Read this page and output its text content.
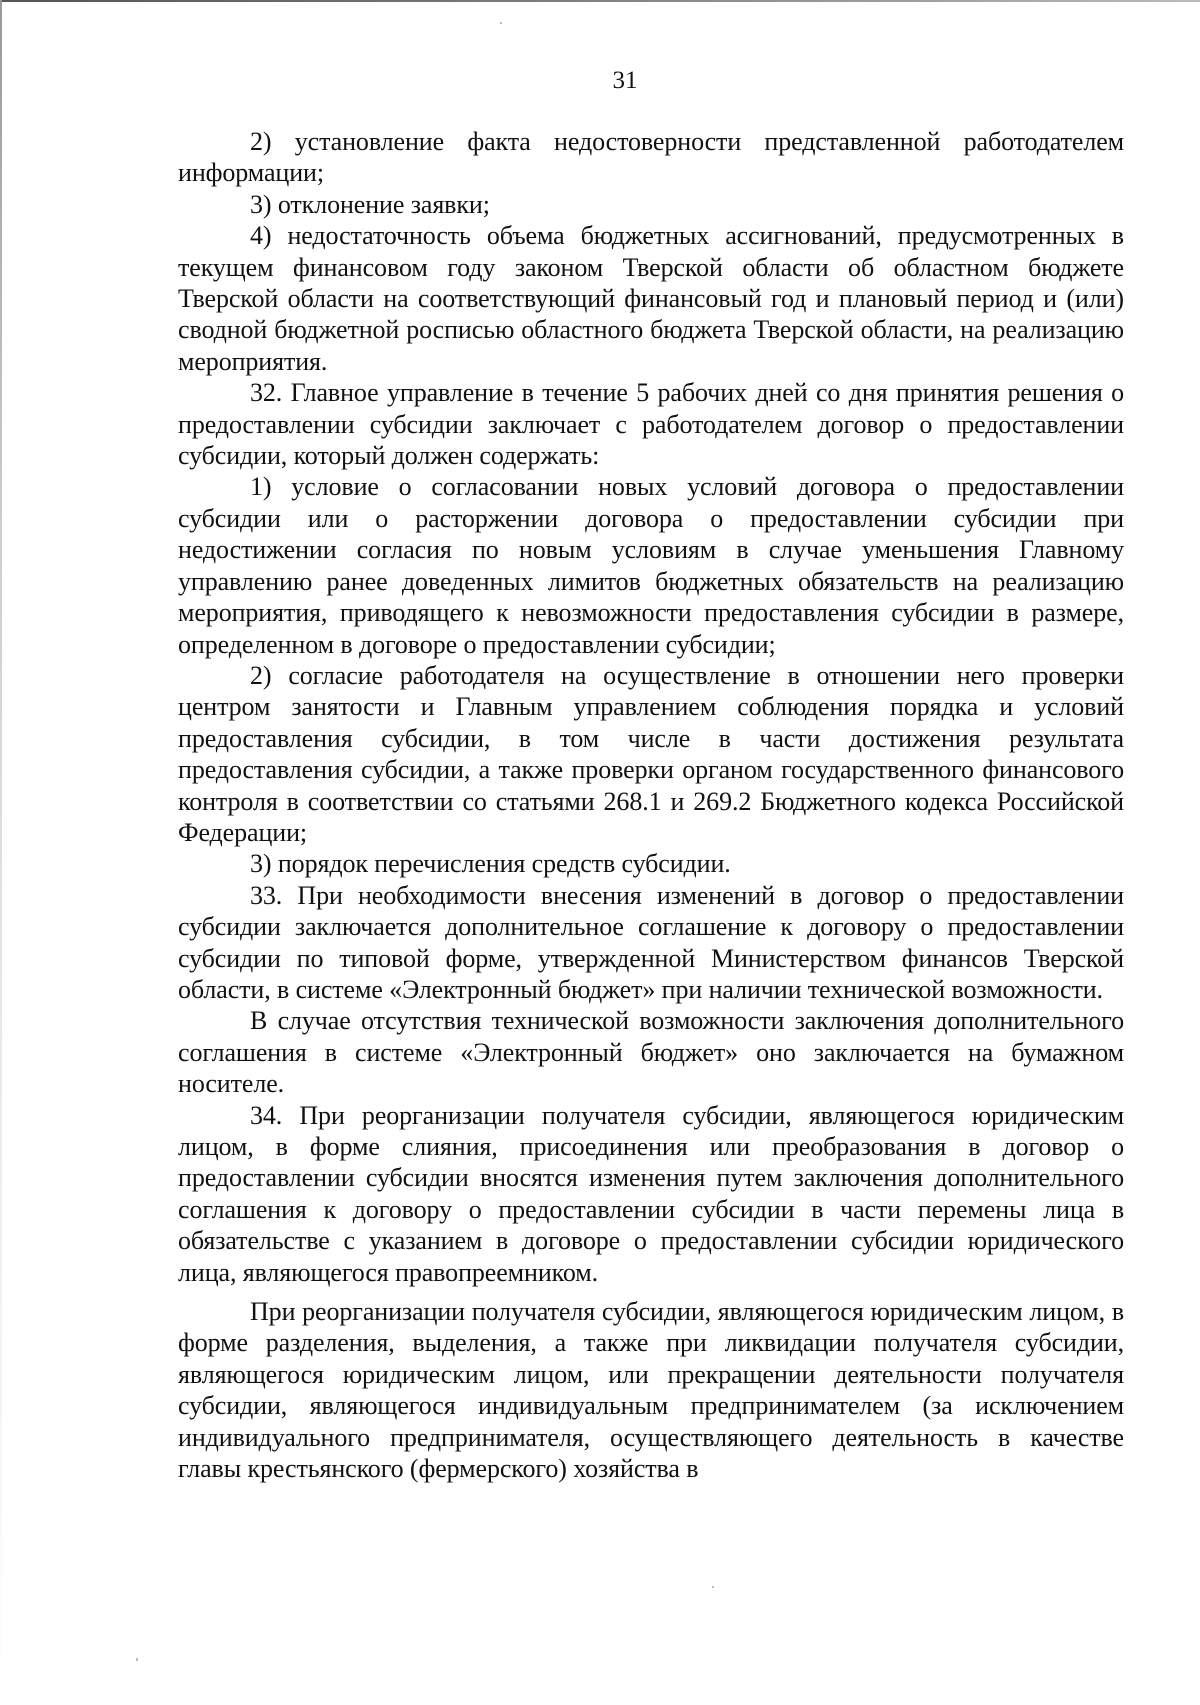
31

2) установление факта недостоверности представленной работодателем информации;

3) отклонение заявки;

4) недостаточность объема бюджетных ассигнований, предусмотренных в текущем финансовом году законом Тверской области об областном бюджете Тверской области на соответствующий финансовый год и плановый период и (или) сводной бюджетной росписью областного бюджета Тверской области, на реализацию мероприятия.

32. Главное управление в течение 5 рабочих дней со дня принятия решения о предоставлении субсидии заключает с работодателем договор о предоставлении субсидии, который должен содержать:

1) условие о согласовании новых условий договора о предоставлении субсидии или о расторжении договора о предоставлении субсидии при недостижении согласия по новым условиям в случае уменьшения Главному управлению ранее доведенных лимитов бюджетных обязательств на реализацию мероприятия, приводящего к невозможности предоставления субсидии в размере, определенном в договоре о предоставлении субсидии;

2) согласие работодателя на осуществление в отношении него проверки центром занятости и Главным управлением соблюдения порядка и условий предоставления субсидии, в том числе в части достижения результата предоставления субсидии, а также проверки органом государственного финансового контроля в соответствии со статьями 268.1 и 269.2 Бюджетного кодекса Российской Федерации;

3) порядок перечисления средств субсидии.

33. При необходимости внесения изменений в договор о предоставлении субсидии заключается дополнительное соглашение к договору о предоставлении субсидии по типовой форме, утвержденной Министерством финансов Тверской области, в системе «Электронный бюджет» при наличии технической возможности.

В случае отсутствия технической возможности заключения дополнительного соглашения в системе «Электронный бюджет» оно заключается на бумажном носителе.

34. При реорганизации получателя субсидии, являющегося юридическим лицом, в форме слияния, присоединения или преобразования в договор о предоставлении субсидии вносятся изменения путем заключения дополнительного соглашения к договору о предоставлении субсидии в части перемены лица в обязательстве с указанием в договоре о предоставлении субсидии юридического лица, являющегося правопреемником.

При реорганизации получателя субсидии, являющегося юридическим лицом, в форме разделения, выделения, а также при ликвидации получателя субсидии, являющегося юридическим лицом, или прекращении деятельности получателя субсидии, являющегося индивидуальным предпринимателем (за исключением индивидуального предпринимателя, осуществляющего деятельность в качестве главы крестьянского (фермерского) хозяйства в
